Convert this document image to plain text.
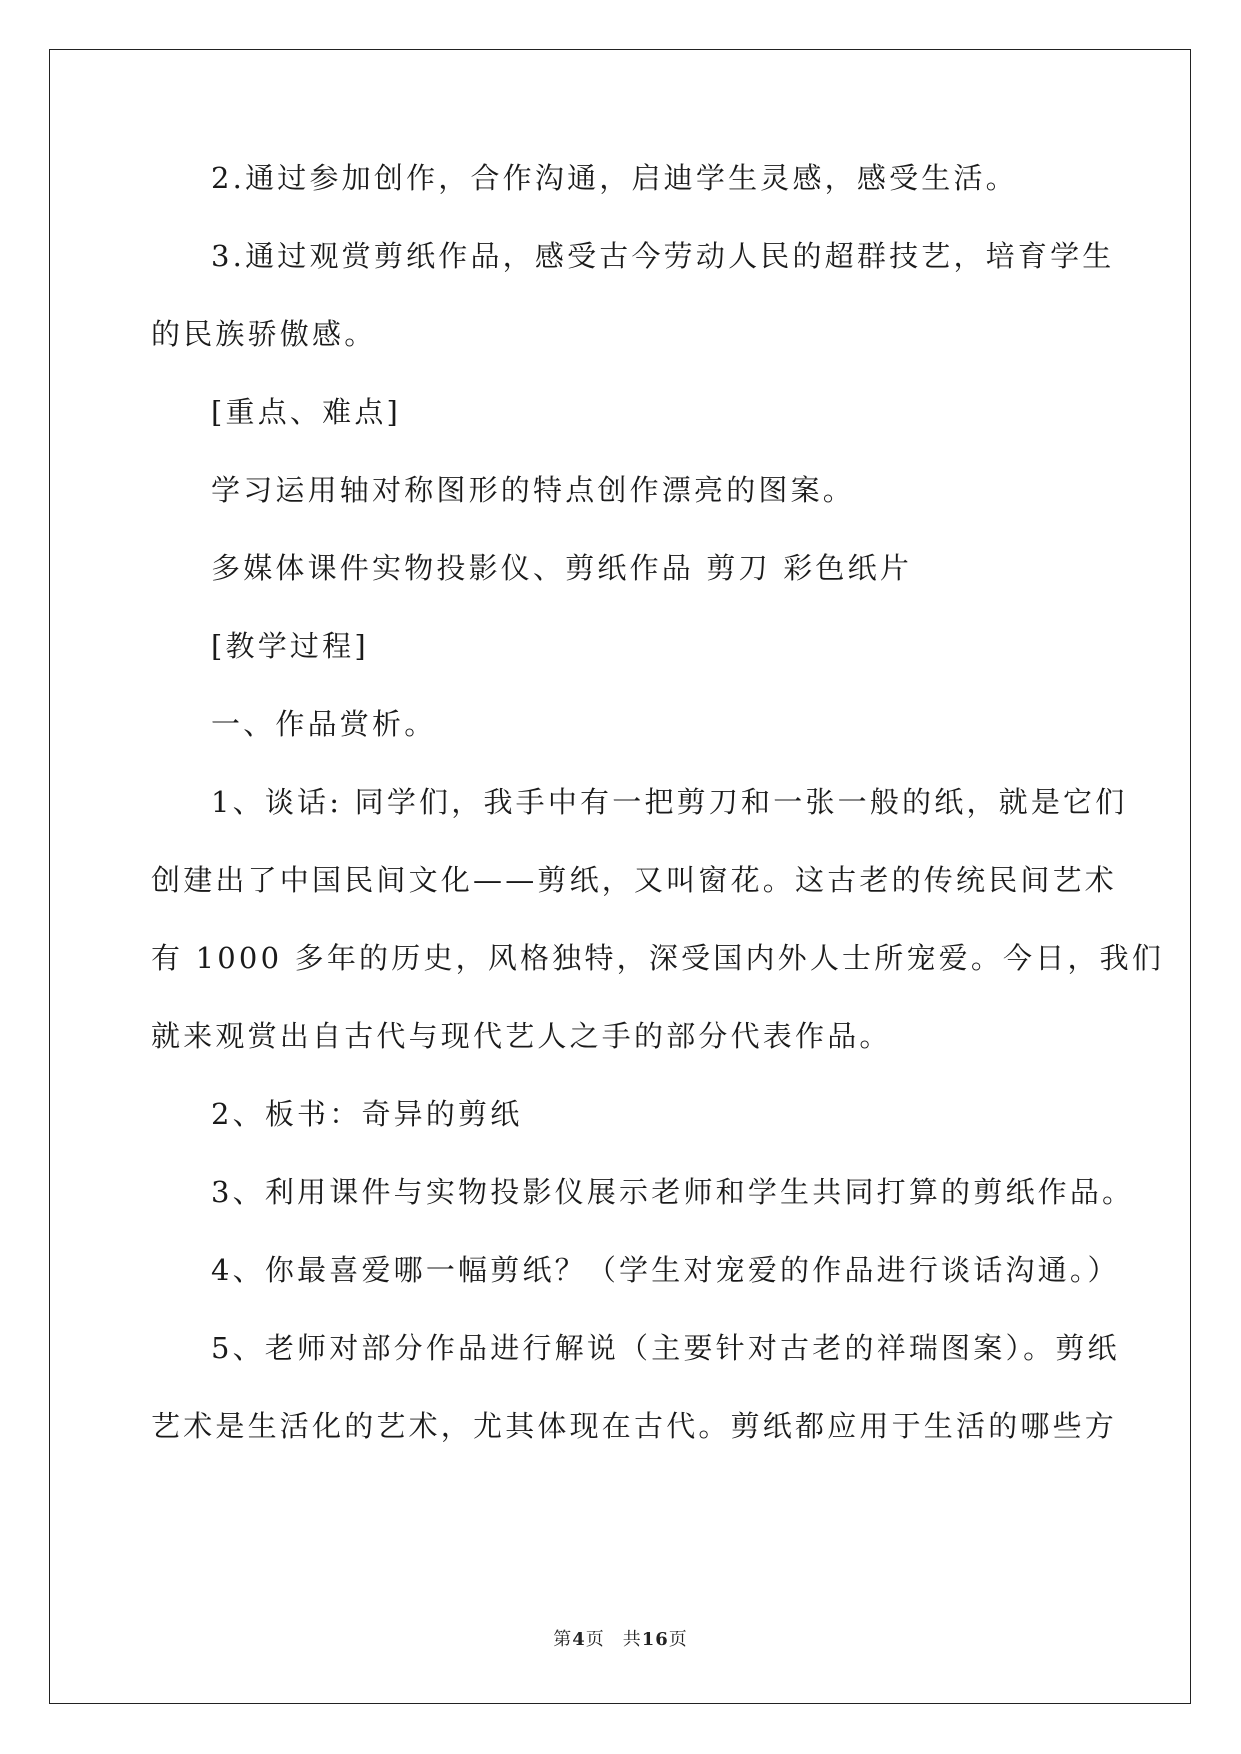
2.通过参加创作，合作沟通，启迪学生灵感，感受生活。

3.通过观赏剪纸作品，感受古今劳动人民的超群技艺，培育学生

的民族骄傲感。

[重点、难点]

学习运用轴对称图形的特点创作漂亮的图案。

多媒体课件实物投影仪、剪纸作品 剪刀 彩色纸片

[教学过程]

一、作品赏析。

1、谈话: 同学们，我手中有一把剪刀和一张一般的纸，就是它们

创建出了中国民间文化——剪纸，又叫窗花。这古老的传统民间艺术

有 1000 多年的历史，风格独特，深受国内外人士所宠爱。今日，我们

就来观赏出自古代与现代艺人之手的部分代表作品。

2、板书：奇异的剪纸

3、利用课件与实物投影仪展示老师和学生共同打算的剪纸作品。

4、你最喜爱哪一幅剪纸？（学生对宠爱的作品进行谈话沟通。）

5、老师对部分作品进行解说（主要针对古老的祥瑞图案）。剪纸

艺术是生活化的艺术，尤其体现在古代。剪纸都应用于生活的哪些方

第4页 共16页
